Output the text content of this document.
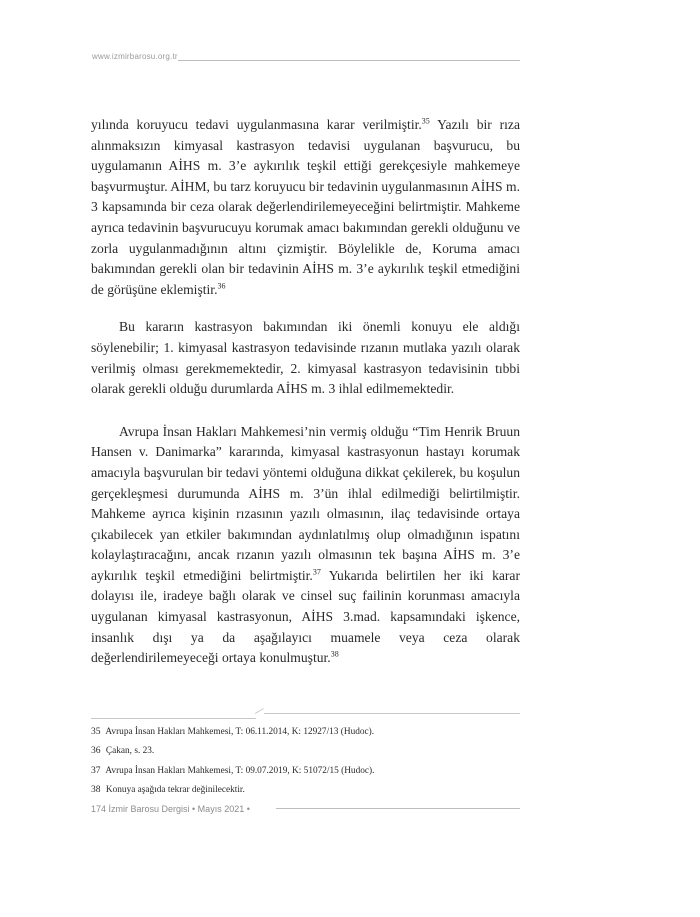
www.izmirbarosu.org.tr

yılında koruyucu tedavi uygulanmasına karar verilmiştir.$^{35}$ Yazılı bir rıza alınmaksızın kimyasal kastrasyon tedavisi uygulanan başvurucu, bu uygulamanın AİHS m. 3’e aykırılık teşkil ettiği gerekçesiyle mahkemeye başvurmuştur. AİHM, bu tarz koruyucu bir tedavinin uygulanmasının AİHS m. 3 kapsamında bir ceza olarak değerlendirilemeyeceğini belirtmiştir. Mahkeme ayrıca tedavinin başvurucuyu korumak amacı bakımından gerekli olduğunu ve zorla uygulanmadığının altını çizmiştir. Böylelikle de, Koruma amacı bakımından gerekli olan bir tedavinin AİHS m. 3’e aykırılık teşkil etmediğini de görüşüne eklemiştir.$^{36}$

Bu kararın kastrasyon bakımından iki önemli konuyu ele aldığı söylenebilir; 1. kimyasal kastrasyon tedavisinde rızanın mutlaka yazılı olarak verilmiş olması gerekmemektedir, 2. kimyasal kastrasyon tedavisinin tıbbi olarak gerekli olduğu durumlarda AİHS m. 3 ihlal edilmemektedir.

Avrupa İnsan Hakları Mahkemesi’nin vermiş olduğu “Tim Henrik Bruun Hansen v. Danimarka” kararında, kimyasal kastrasyonun hastayı korumak amacıyla başvurulan bir tedavi yöntemi olduğuna dikkat çekilerek, bu koşulun gerçekleşmesi durumunda AİHS m. 3’ün ihlal edilmediği belirtilmiştir. Mahkeme ayrıca kişinin rızasının yazılı olmasının, ilaç tedavisinde ortaya çıkabilecek yan etkiler bakımından aydınlatılmış olup olmadığının ispatını kolaylaştıracağını, ancak rızanın yazılı olmasının tek başına AİHS m. 3’e aykırılık teşkil etmediğini belirtmiştir.$^{37}$ Yukarıda belirtilen her iki karar dolayısı ile, iradeye bağlı olarak ve cinsel suç failinin korunması amacıyla uygulanan kimyasal kastrasyonun, AİHS 3.mad. kapsamındaki işkence, insanlık dışı ya da aşağılayıcı muamele veya ceza olarak değerlendirilemeyeceği ortaya konulmuştur.$^{38}$

35 Avrupa İnsan Hakları Mahkemesi, T: 06.11.2014, K: 12927/13 (Hudoc).
36 Çakan, s. 23.
37 Avrupa İnsan Hakları Mahkemesi, T: 09.07.2019, K: 51072/15 (Hudoc).
38 Konuya aşağıda tekrar değinilecektir.
174 İzmir Barosu Dergisi • Mayıs 2021 •
